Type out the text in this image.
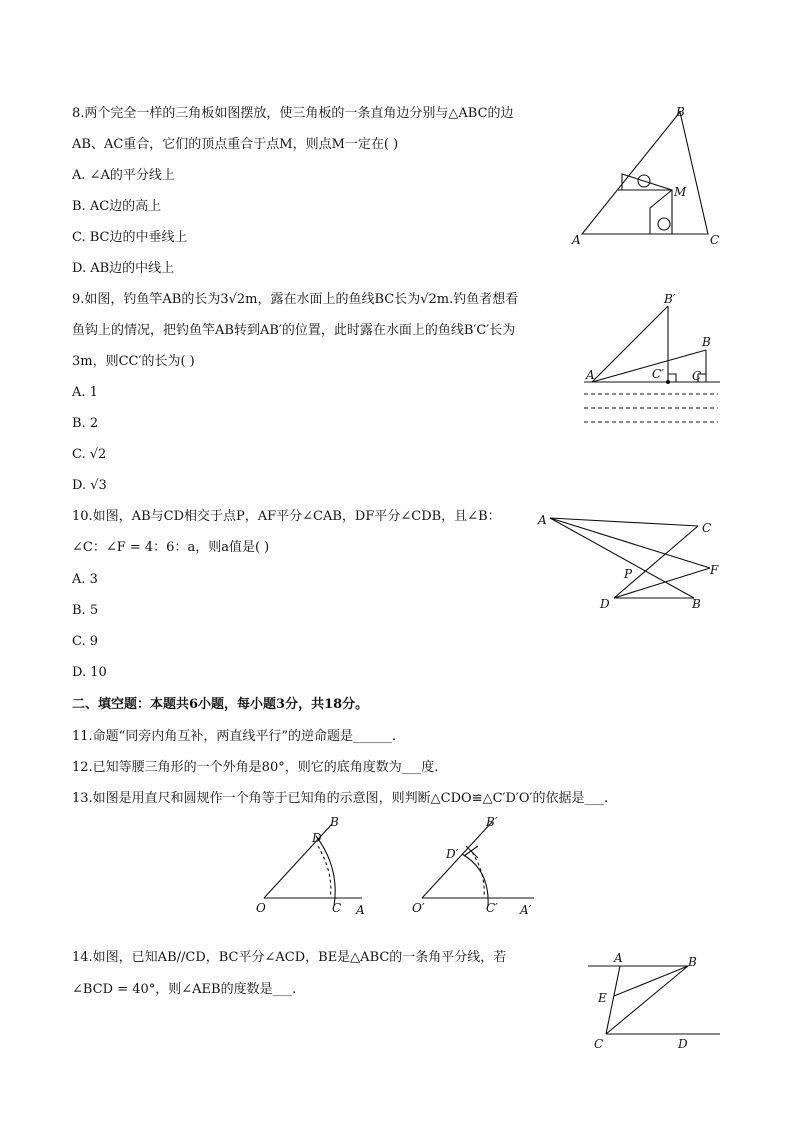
8.两个完全一样的三角板如图摆放，使三角板的一条直角边分别与△ABC的边
AB、AC重合，它们的顶点重合于点M，则点M一定在( )
A. ∠A的平分线上
B. AC边的高上
C. BC边的中垂线上
D. AB边的中线上
B
A	C
M
9.如图，钓鱼竿AB的长为3√2m，露在水面上的鱼线BC长为√2m.钓鱼者想看
鱼钩上的情况，把钓鱼竿AB转到AB′的位置，此时露在水面上的鱼线B′C′长为
3m，则CC′的长为( )
A. 1
B. 2
C. √2
D. √3
B′
B
A	C′ C
10.如图，AB与CD相交于点P，AF平分∠CAB，DF平分∠CDB，且∠B：
∠C：∠F = 4：6：a，则a值是( )
A. 3
B. 5
C. 9
D. 10
A
C
F
P
D	B
二、填空题：本题共6小题，每小题3分，共18分。
11.命题“同旁内角互补，两直线平行”的逆命题是______.
12.已知等腰三角形的一个外角是80°，则它的底角度数为___度.
13.如图是用直尺和圆规作一个角等于已知角的示意图，则判断△CDO≌△C′D′O′的依据是___.
O	C A
B
D
O′	C′ A′
B′
D′
14.如图，已知AB//CD，BC平分∠ACD，BE是△ABC的一条角平分线，若
∠BCD = 40°，则∠AEB的度数是___.
A	B
E
C	D
